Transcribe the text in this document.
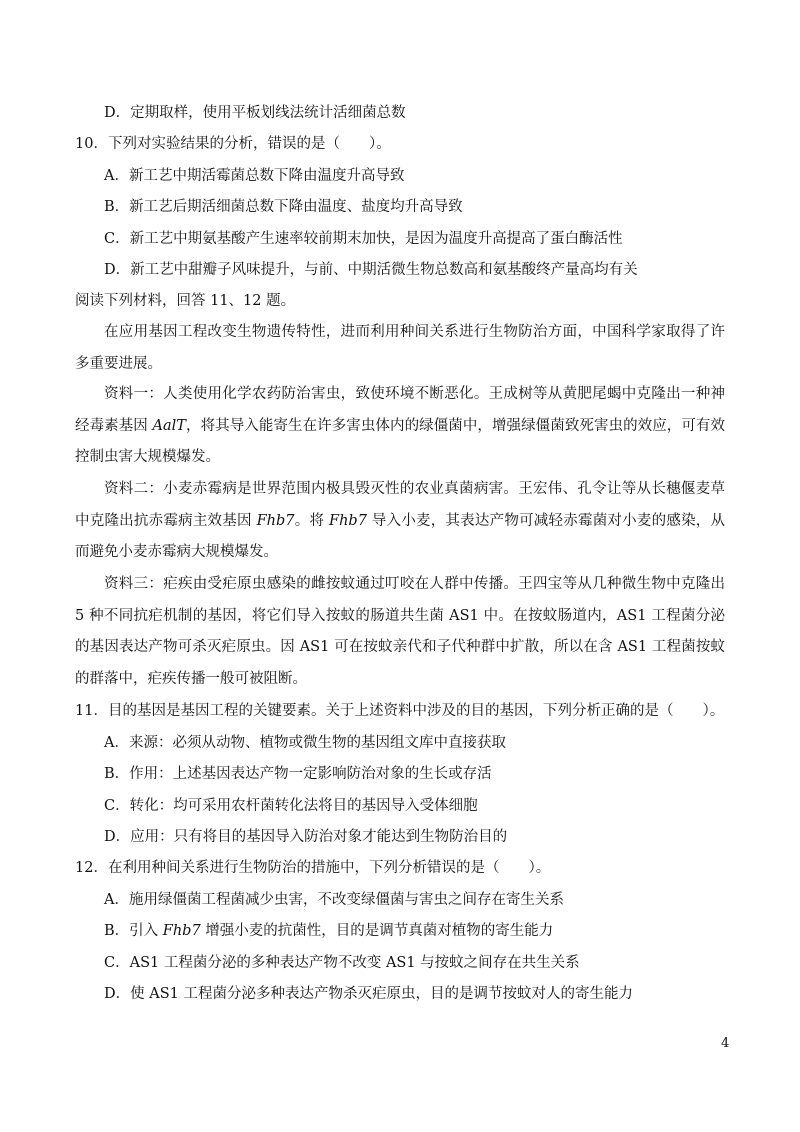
D．定期取样，使用平板划线法统计活细菌总数
10．下列对实验结果的分析，错误的是（　　）。
A．新工艺中期活霉菌总数下降由温度升高导致
B．新工艺后期活细菌总数下降由温度、盐度均升高导致
C．新工艺中期氨基酸产生速率较前期末加快，是因为温度升高提高了蛋白酶活性
D．新工艺中甜瓣子风味提升，与前、中期活微生物总数高和氨基酸终产量高均有关
阅读下列材料，回答 11、12 题。
在应用基因工程改变生物遗传特性，进而利用种间关系进行生物防治方面，中国科学家取得了许多重要进展。
资料一：人类使用化学农药防治害虫，致使环境不断恶化。王成树等从黄肥尾蝎中克隆出一种神经毒素基因 AalT，将其导入能寄生在许多害虫体内的绿僵菌中，增强绿僵菌致死害虫的效应，可有效控制虫害大规模爆发。
资料二：小麦赤霉病是世界范围内极具毁灭性的农业真菌病害。王宏伟、孔令让等从长穗偃麦草中克隆出抗赤霉病主效基因 Fhb7。将 Fhb7 导入小麦，其表达产物可减轻赤霉菌对小麦的感染，从而避免小麦赤霉病大规模爆发。
资料三：疟疾由受疟原虫感染的雌按蚊通过叮咬在人群中传播。王四宝等从几种微生物中克隆出 5 种不同抗疟机制的基因，将它们导入按蚊的肠道共生菌 AS1 中。在按蚊肠道内，AS1 工程菌分泌的基因表达产物可杀灭疟原虫。因 AS1 可在按蚊亲代和子代种群中扩散，所以在含 AS1 工程菌按蚊的群落中，疟疾传播一般可被阻断。
11．目的基因是基因工程的关键要素。关于上述资料中涉及的目的基因，下列分析正确的是（　　）。
A．来源：必须从动物、植物或微生物的基因组文库中直接获取
B．作用：上述基因表达产物一定影响防治对象的生长或存活
C．转化：均可采用农杆菌转化法将目的基因导入受体细胞
D．应用：只有将目的基因导入防治对象才能达到生物防治目的
12．在利用种间关系进行生物防治的措施中，下列分析错误的是（　　）。
A．施用绿僵菌工程菌减少虫害，不改变绿僵菌与害虫之间存在寄生关系
B．引入 Fhb7 增强小麦的抗菌性，目的是调节真菌对植物的寄生能力
C．AS1 工程菌分泌的多种表达产物不改变 AS1 与按蚊之间存在共生关系
D．使 AS1 工程菌分泌多种表达产物杀灭疟原虫，目的是调节按蚊对人的寄生能力
4
